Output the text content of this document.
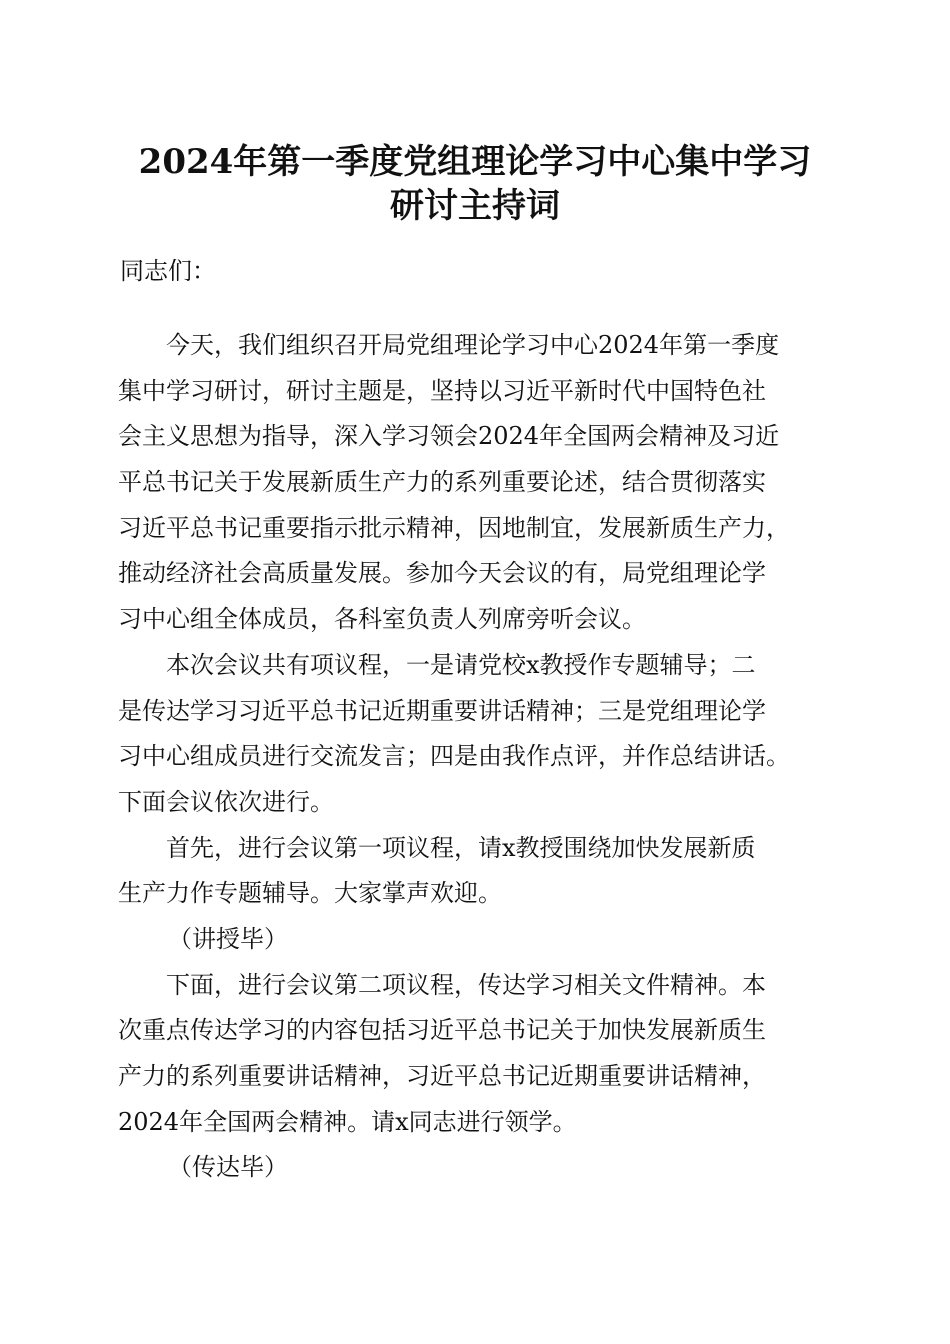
2024年第一季度党组理论学习中心集中学习
研讨主持词
同志们：
今天，我们组织召开局党组理论学习中心2024年第一季度
集中学习研讨，研讨主题是，坚持以习近平新时代中国特色社
会主义思想为指导，深入学习领会2024年全国两会精神及习近
平总书记关于发展新质生产力的系列重要论述，结合贯彻落实
习近平总书记重要指示批示精神，因地制宜，发展新质生产力，
推动经济社会高质量发展。参加今天会议的有，局党组理论学
习中心组全体成员，各科室负责人列席旁听会议。
本次会议共有项议程，一是请党校x教授作专题辅导；二
是传达学习习近平总书记近期重要讲话精神；三是党组理论学
习中心组成员进行交流发言；四是由我作点评，并作总结讲话。
下面会议依次进行。
首先，进行会议第一项议程，请x教授围绕加快发展新质
生产力作专题辅导。大家掌声欢迎。
（讲授毕）
下面，进行会议第二项议程，传达学习相关文件精神。本
次重点传达学习的内容包括习近平总书记关于加快发展新质生
产力的系列重要讲话精神，习近平总书记近期重要讲话精神，
2024年全国两会精神。请x同志进行领学。
（传达毕）
